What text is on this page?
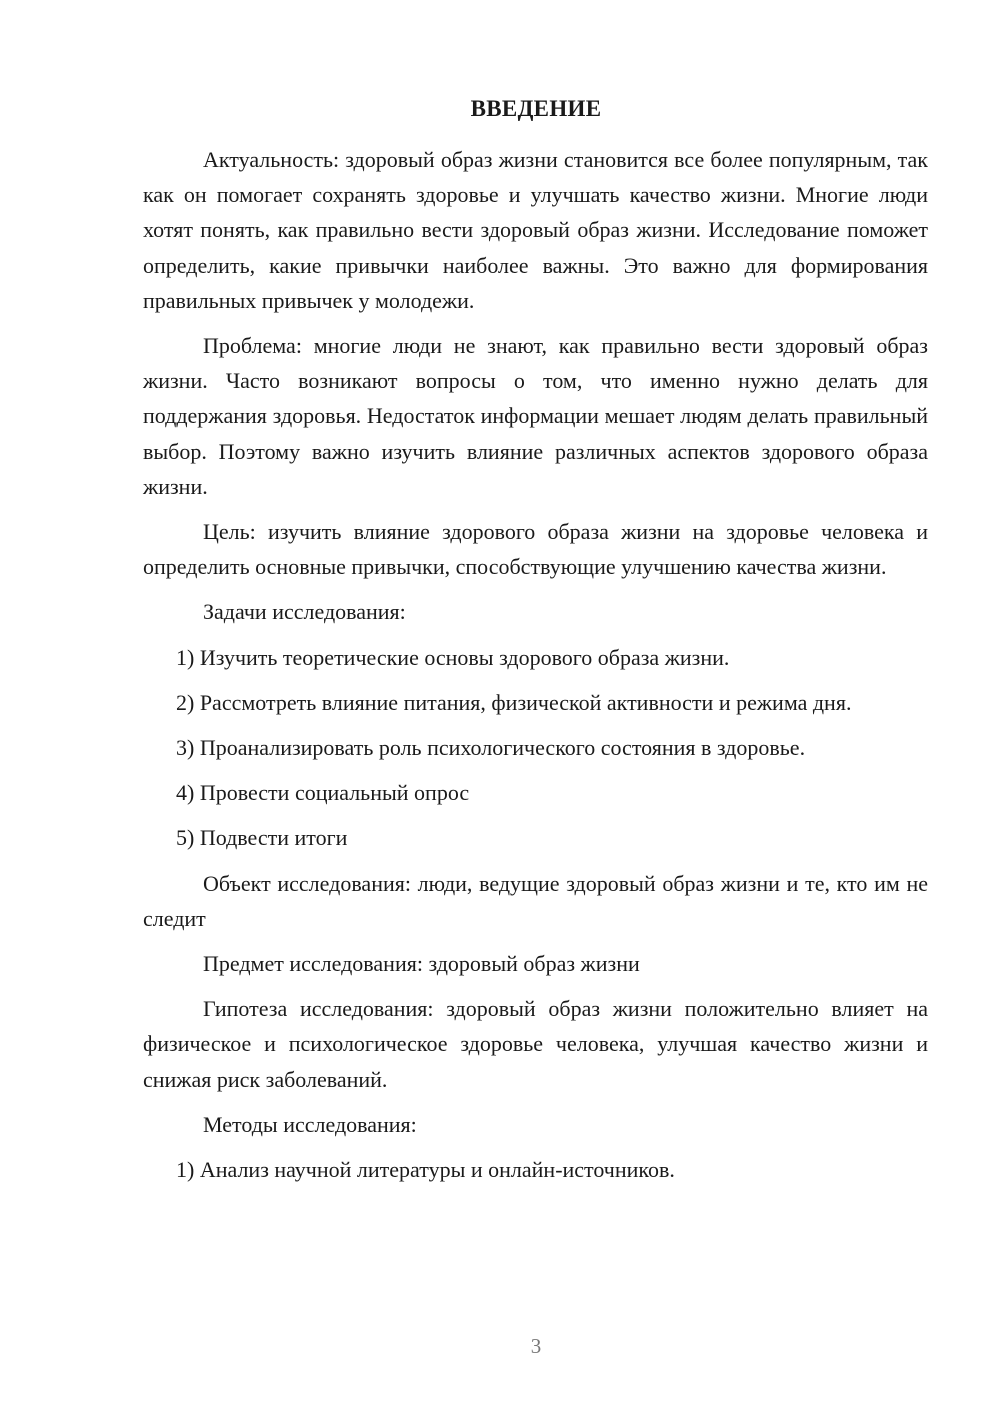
ВВЕДЕНИЕ

Актуальность: здоровый образ жизни становится все более популярным, так как он помогает сохранять здоровье и улучшать качество жизни. Многие люди хотят понять, как правильно вести здоровый образ жизни. Исследование поможет определить, какие привычки наиболее важны. Это важно для формирования правильных привычек у молодежи.

Проблема: многие люди не знают, как правильно вести здоровый образ жизни. Часто возникают вопросы о том, что именно нужно делать для поддержания здоровья. Недостаток информации мешает людям делать правильный выбор. Поэтому важно изучить влияние различных аспектов здорового образа жизни.

Цель: изучить влияние здорового образа жизни на здоровье человека и определить основные привычки, способствующие улучшению качества жизни.

Задачи исследования:

1) Изучить теоретические основы здорового образа жизни.

2) Рассмотреть влияние питания, физической активности и режима дня.

3) Проанализировать роль психологического состояния в здоровье.

4) Провести социальный опрос

5) Подвести итоги

Объект исследования: люди, ведущие здоровый образ жизни и те, кто им не следит

Предмет исследования: здоровый образ жизни

Гипотеза исследования: здоровый образ жизни положительно влияет на физическое и психологическое здоровье человека, улучшая качество жизни и снижая риск заболеваний.

Методы исследования:

1) Анализ научной литературы и онлайн-источников.

3
